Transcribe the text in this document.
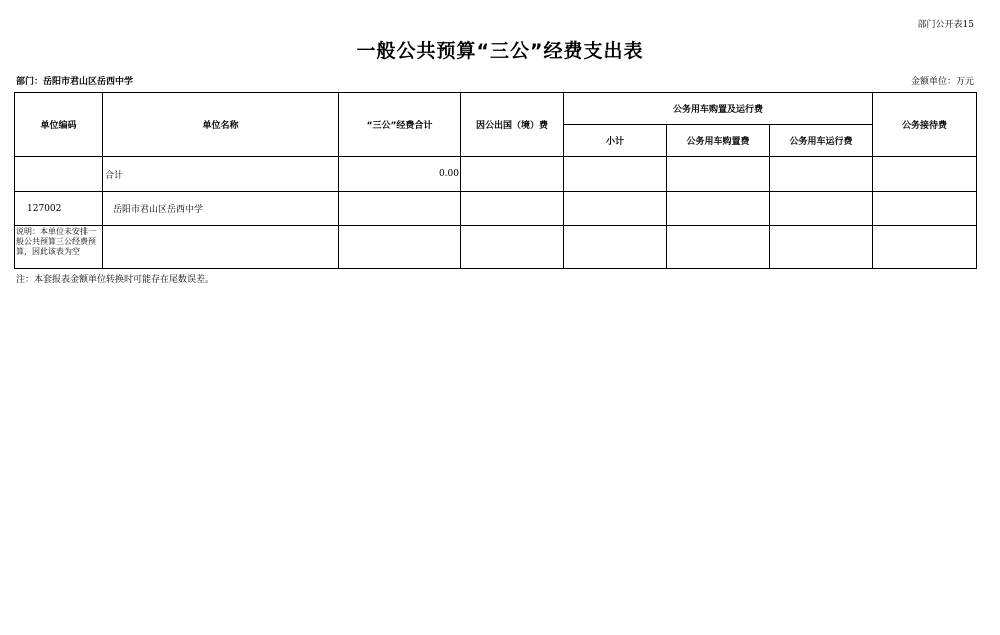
部门公开表15
一般公共预算“三公”经费支出表
部门：岳阳市君山区岳西中学	金额单位：万元
单位编码	单位名称	“三公”经费合计	因公出国（境）费	公务用车购置及运行费			公务接待费
				小计	公务用车购置费	公务用车运行费	
	合计	0.00					
127002	岳阳市君山区岳西中学						
说明：本单位未安排一般公共预算三公经费预算，因此该表为空							
注：本套报表金额单位转换时可能存在尾数误差。
